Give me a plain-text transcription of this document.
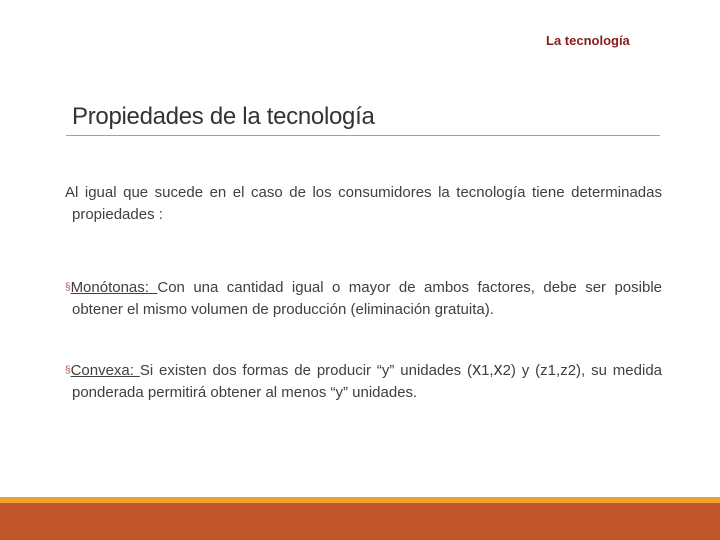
La tecnología
Propiedades de la tecnología
Al igual que sucede en el caso de los consumidores la tecnología tiene determinadas propiedades :
§Monótonas: Con una cantidad igual o mayor de ambos factores, debe ser posible obtener el mismo volumen de producción (eliminación gratuita).
§Convexa: Si existen dos formas de producir “y” unidades (x1,x2) y (z1,z2), su medida ponderada permitirá obtener al menos “y” unidades.
